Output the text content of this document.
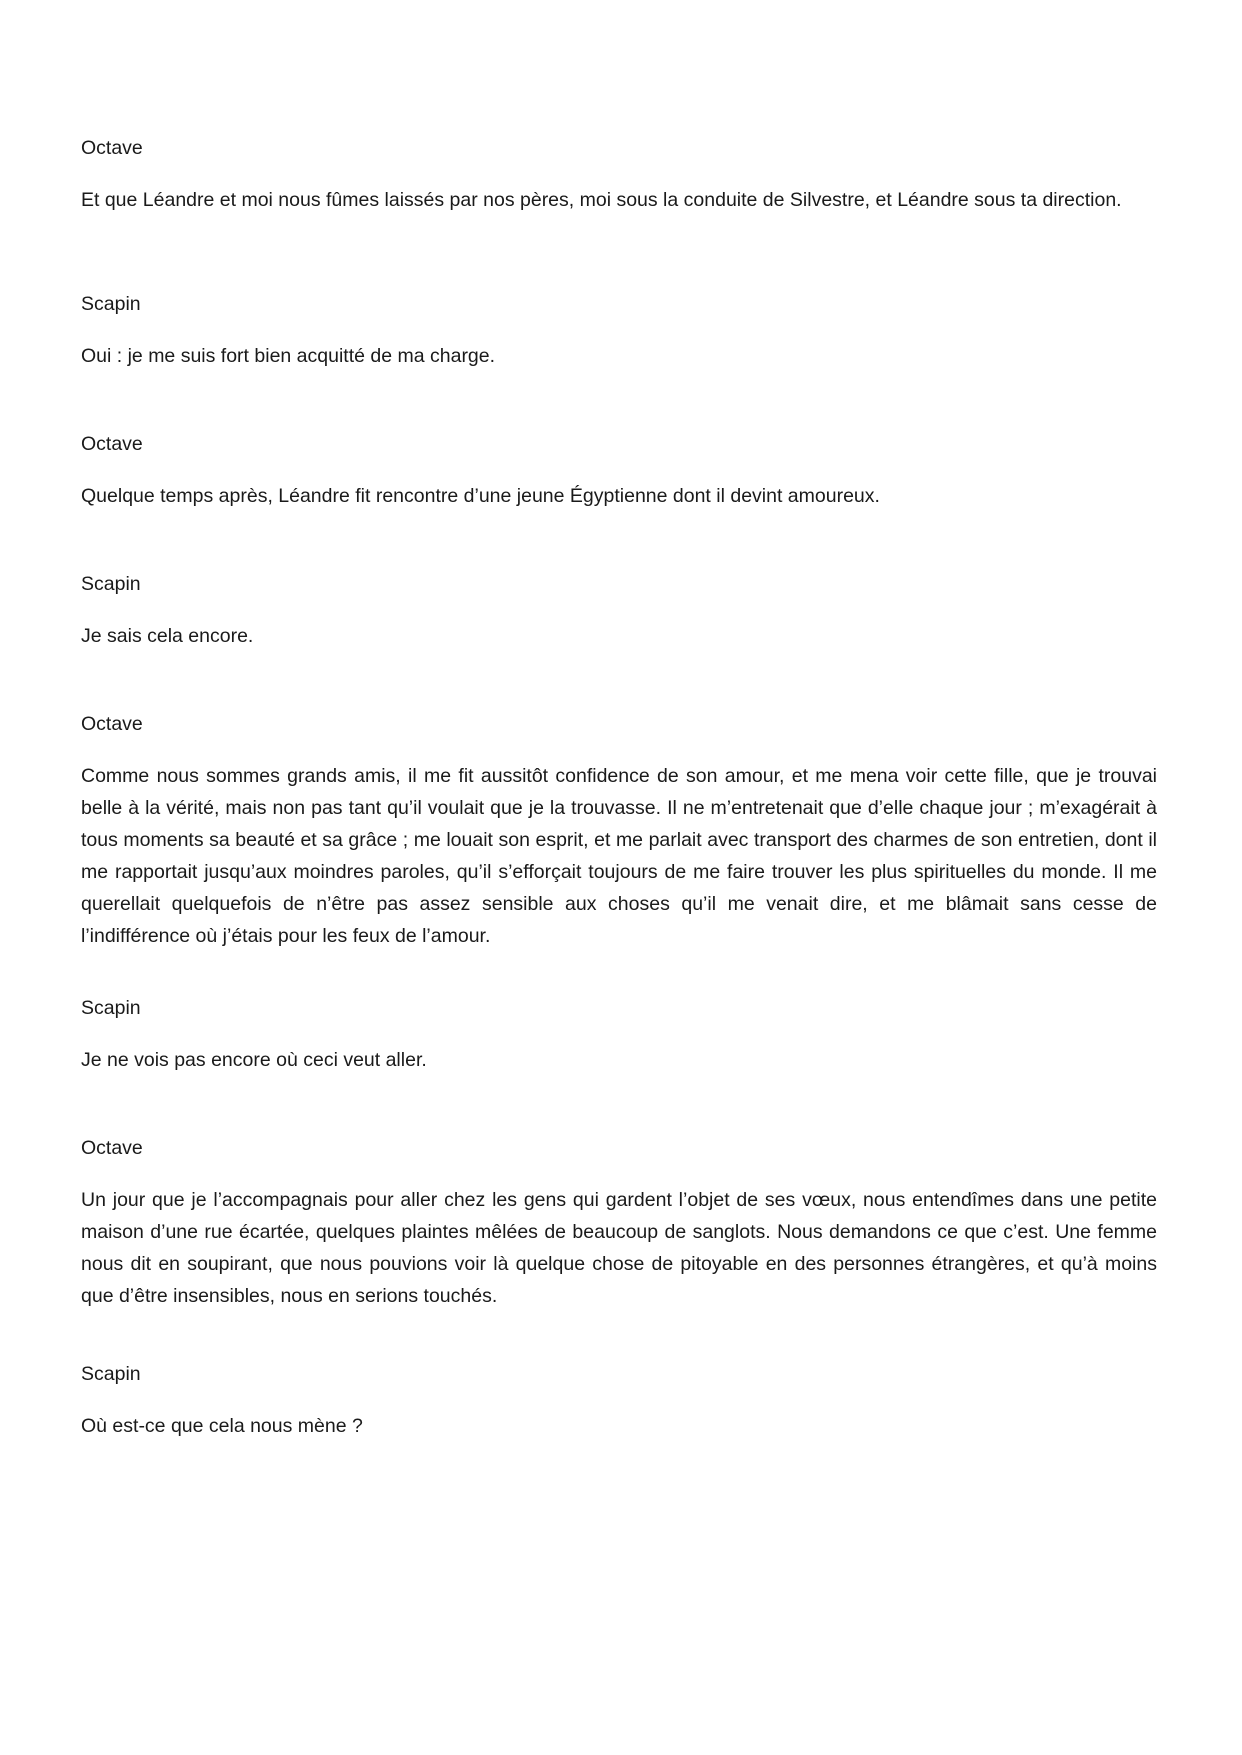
Octave

Et que Léandre et moi nous fûmes laissés par nos pères, moi sous la conduite de Silvestre, et Léandre sous ta direction.

Scapin

Oui : je me suis fort bien acquitté de ma charge.

Octave

Quelque temps après, Léandre fit rencontre d’une jeune Égyptienne dont il devint amoureux.

Scapin

Je sais cela encore.

Octave

Comme nous sommes grands amis, il me fit aussitôt confidence de son amour, et me mena voir cette fille, que je trouvai belle à la vérité, mais non pas tant qu’il voulait que je la trouvasse. Il ne m’entretenait que d’elle chaque jour ; m’exagérait à tous moments sa beauté et sa grâce ; me louait son esprit, et me parlait avec transport des charmes de son entretien, dont il me rapportait jusqu’aux moindres paroles, qu’il s’efforçait toujours de me faire trouver les plus spirituelles du monde. Il me querellait quelquefois de n’être pas assez sensible aux choses qu’il me venait dire, et me blâmait sans cesse de l’indifférence où j’étais pour les feux de l’amour.

Scapin

Je ne vois pas encore où ceci veut aller.

Octave

Un jour que je l’accompagnais pour aller chez les gens qui gardent l’objet de ses vœux, nous entendîmes dans une petite maison d’une rue écartée, quelques plaintes mêlées de beaucoup de sanglots. Nous demandons ce que c’est. Une femme nous dit en soupirant, que nous pouvions voir là quelque chose de pitoyable en des personnes étrangères, et qu’à moins que d’être insensibles, nous en serions touchés.

Scapin

Où est-ce que cela nous mène ?
